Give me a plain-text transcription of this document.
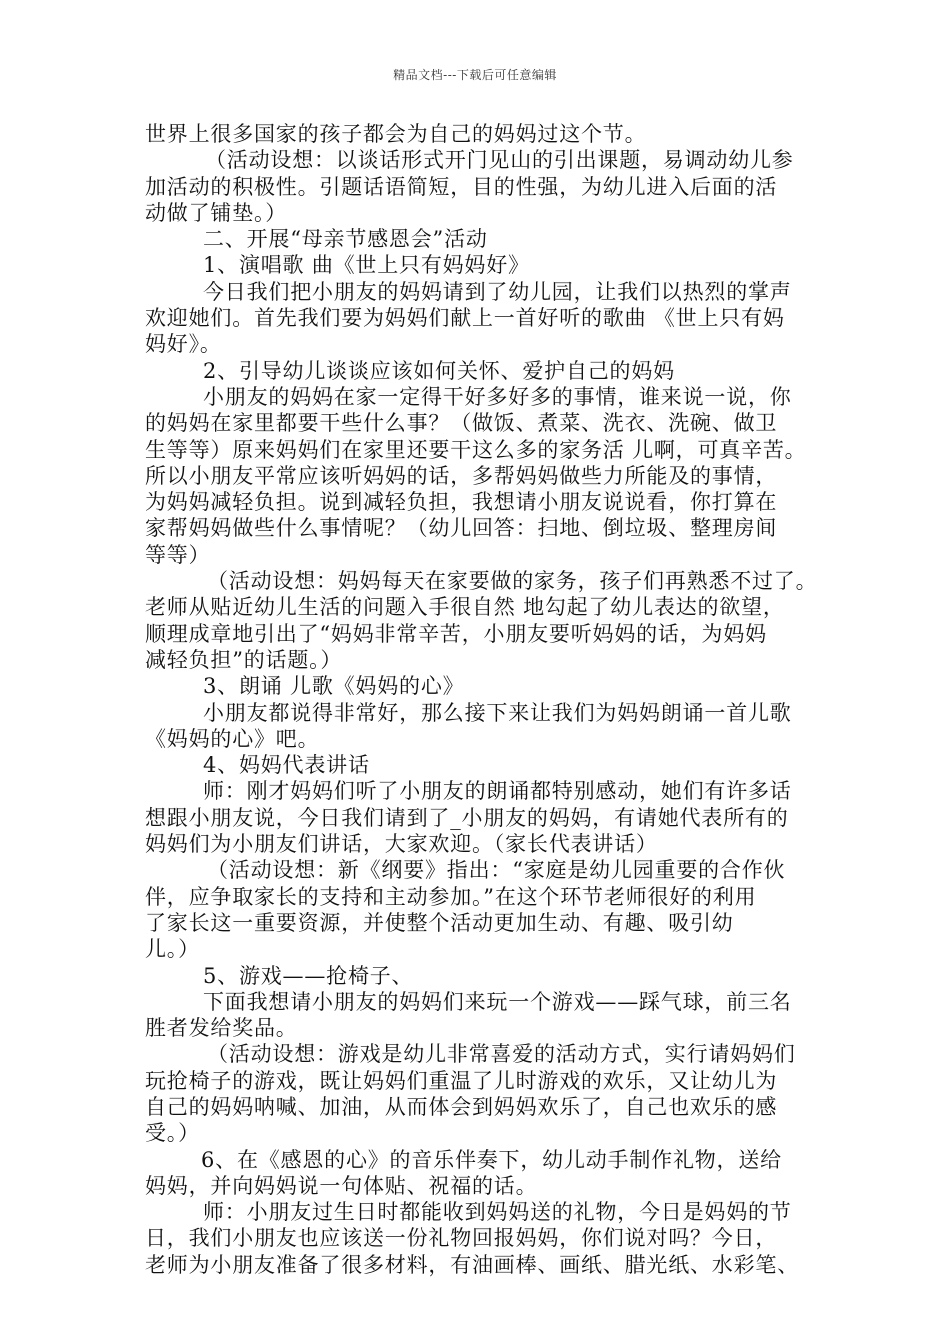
精品文档---下载后可任意编辑
世界上很多国家的孩子都会为自己的妈妈过这个节。
（活动设想：以谈话形式开门见山的引出课题，易调动幼儿参
加活动的积极性。引题话语简短，目的性强，为幼儿进入后面的活
动做了铺垫。）
二、开展“母亲节感恩会”活动
1、演唱歌 曲《世上只有妈妈好》
今日我们把小朋友的妈妈请到了幼儿园，让我们以热烈的掌声
欢迎她们。首先我们要为妈妈们献上一首好听的歌曲 《世上只有妈
妈好》。
2、引导幼儿谈谈应该如何关怀、爱护自己的妈妈
小朋友的妈妈在家一定得干好多好多的事情，谁来说一说，你
的妈妈在家里都要干些什么事？（做饭、煮菜、洗衣、洗碗、做卫
生等等）原来妈妈们在家里还要干这么多的家务活 儿啊，可真辛苦。
所以小朋友平常应该听妈妈的话，多帮妈妈做些力所能及的事情，
为妈妈减轻负担。说到减轻负担，我想请小朋友说说看，你打算在
家帮妈妈做些什么事情呢？（幼儿回答：扫地、倒垃圾、整理房间
等等）
（活动设想：妈妈每天在家要做的家务，孩子们再熟悉不过了。
老师从贴近幼儿生活的问题入手很自然 地勾起了幼儿表达的欲望，
顺理成章地引出了“妈妈非常辛苦，小朋友要听妈妈的话，为妈妈
减轻负担”的话题。）
3、朗诵 儿歌《妈妈的心》
小朋友都说得非常好，那么接下来让我们为妈妈朗诵一首儿歌
《妈妈的心》吧。
4、妈妈代表讲话
师：刚才妈妈们听了小朋友的朗诵都特别感动，她们有许多话
想跟小朋友说，今日我们请到了_小朋友的妈妈，有请她代表所有的
妈妈们为小朋友们讲话，大家欢迎。（家长代表讲话）
（活动设想：新《纲要》指出：“家庭是幼儿园重要的合作伙
伴，应争取家长的支持和主动参加。”在这个环节老师很好的利用
了家长这一重要资源，并使整个活动更加生动、有趣、吸引幼
儿。）
5、游戏——抢椅子、
下面我想请小朋友的妈妈们来玩一个游戏——踩气球，前三名
胜者发给奖品。
（活动设想：游戏是幼儿非常喜爱的活动方式，实行请妈妈们
玩抢椅子的游戏，既让妈妈们重温了儿时游戏的欢乐，又让幼儿为
自己的妈妈呐喊、加油，从而体会到妈妈欢乐了，自己也欢乐的感
受。）
6、在《感恩的心》的音乐伴奏下，幼儿动手制作礼物，送给
妈妈，并向妈妈说一句体贴、祝福的话。
师：小朋友过生日时都能收到妈妈送的礼物，今日是妈妈的节
日，我们小朋友也应该送一份礼物回报妈妈，你们说对吗？今日，
老师为小朋友准备了很多材料，有油画棒、画纸、腊光纸、水彩笔、
